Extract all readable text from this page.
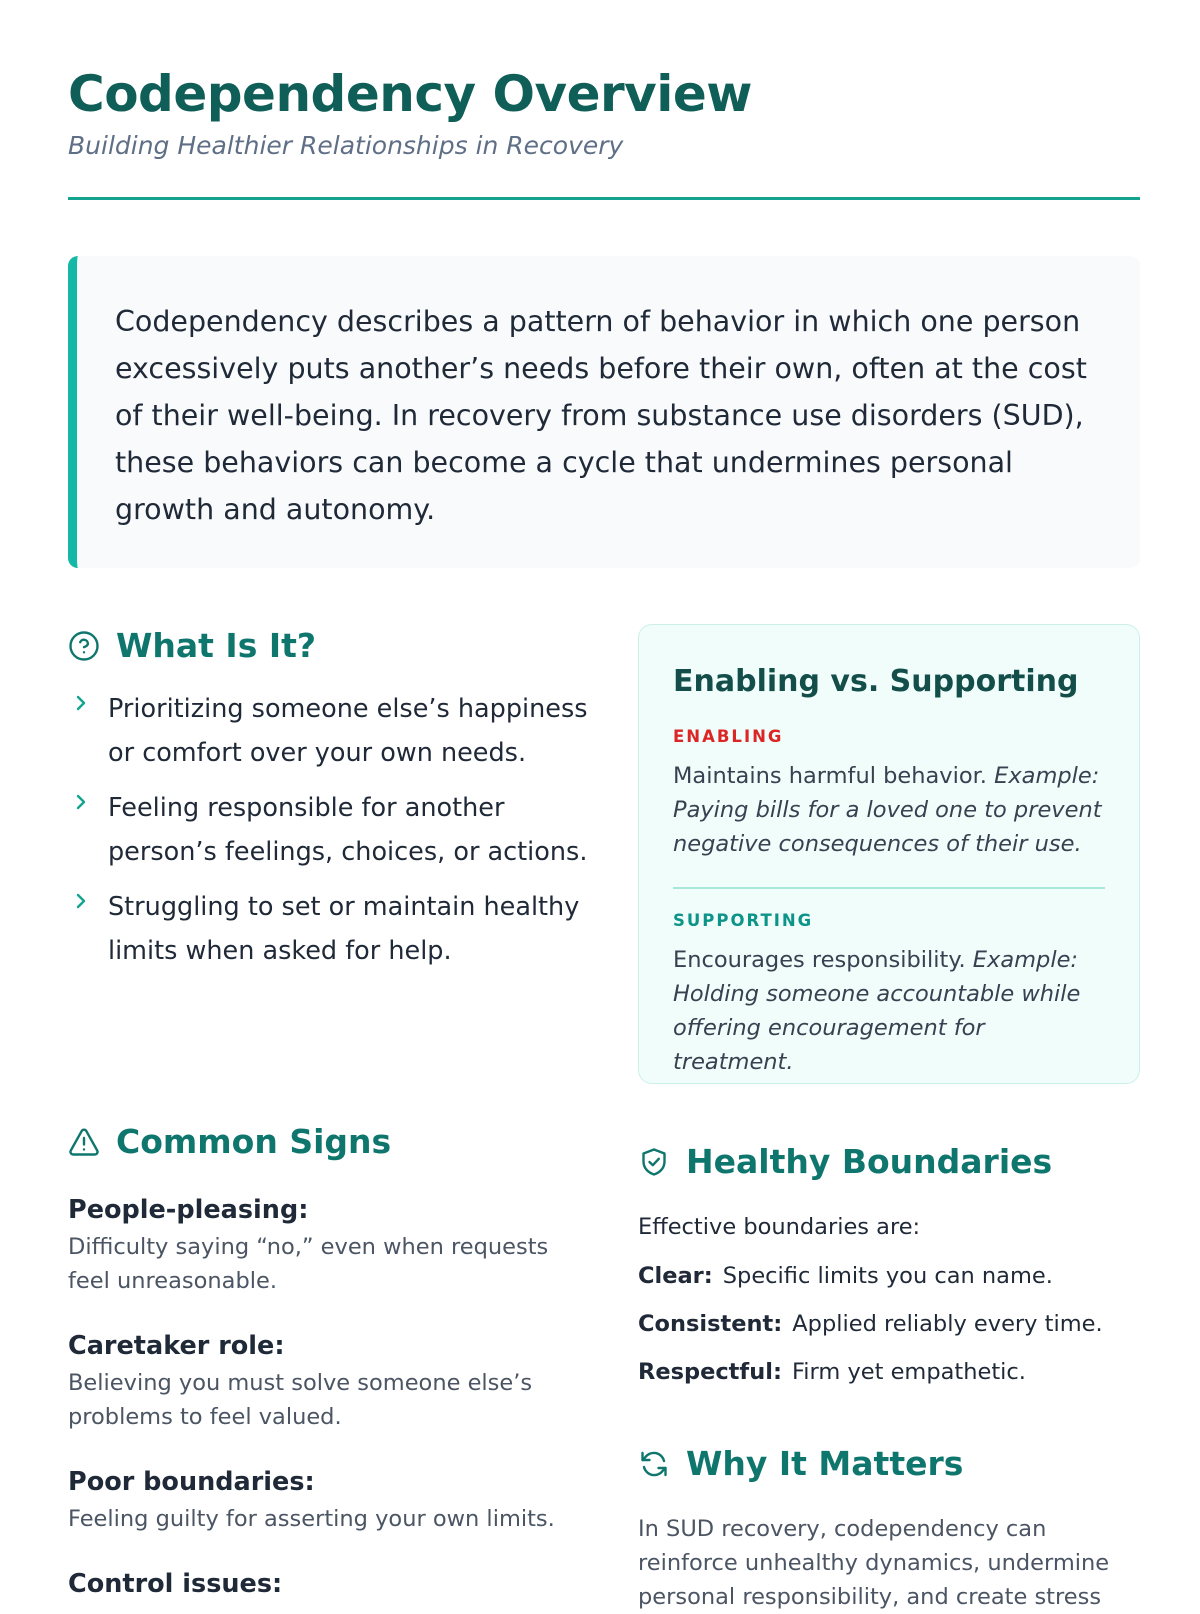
Codependency Overview

Building Healthier Relationships in Recovery

Codependency describes a pattern of behavior in which one person excessively puts another’s needs before their own, often at the cost of their well-being. In recovery from substance use disorders (SUD), these behaviors can become a cycle that undermines personal growth and autonomy.

What Is It?
Prioritizing someone else’s happiness or comfort over your own needs.
Feeling responsible for another person’s feelings, choices, or actions.
Struggling to set or maintain healthy limits when asked for help.
Enabling vs. Supporting
ENABLING

Maintains harmful behavior. Example: Paying bills for a loved one to prevent negative consequences of their use.

SUPPORTING

Encourages responsibility. Example: Holding someone accountable while offering encouragement for treatment.

Common Signs
People-pleasing:
Difficulty saying “no,” even when requests feel unreasonable.
Caretaker role:
Believing you must solve someone else’s problems to feel valued.
Poor boundaries:
Feeling guilty for asserting your own limits.
Control issues:
Healthy Boundaries

Effective boundaries are:

Clear: Specific limits you can name.
Consistent: Applied reliably every time.
Respectful: Firm yet empathetic.
Why It Matters

In SUD recovery, codependency can reinforce unhealthy dynamics, undermine personal responsibility, and create stress
